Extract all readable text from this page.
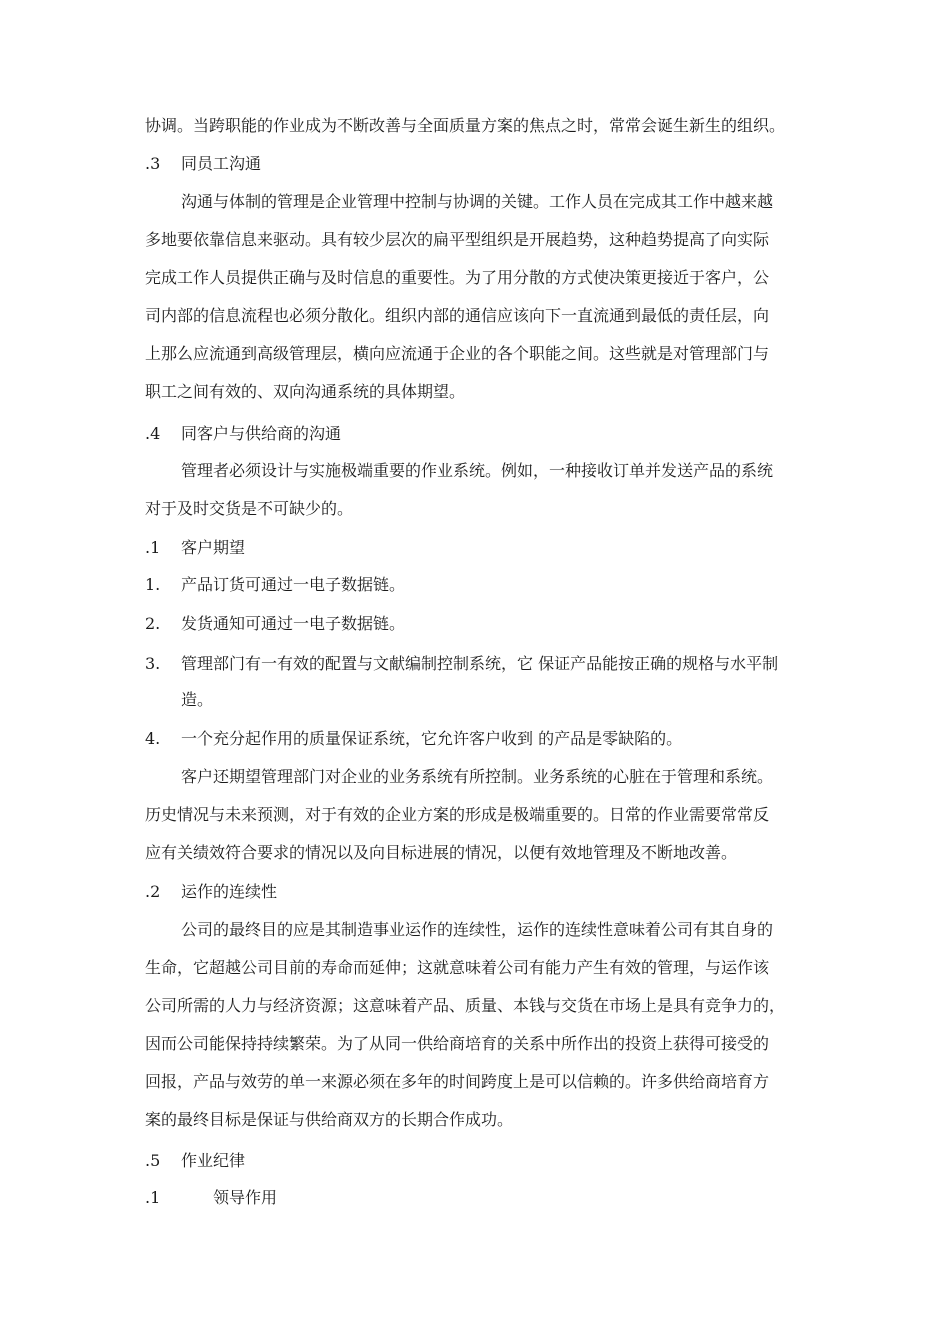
协调。当跨职能的作业成为不断改善与全面质量方案的焦点之时，常常会诞生新生的组织。
.3 同员工沟通
沟通与体制的管理是企业管理中控制与协调的关键。工作人员在完成其工作中越来越
多地要依靠信息来驱动。具有较少层次的扁平型组织是开展趋势，这种趋势提高了向实际
完成工作人员提供正确与及时信息的重要性。为了用分散的方式使决策更接近于客户，公
司内部的信息流程也必须分散化。组织内部的通信应该向下一直流通到最低的责任层，向
上那么应流通到高级管理层，横向应流通于企业的各个职能之间。这些就是对管理部门与
职工之间有效的、双向沟通系统的具体期望。
.4 同客户与供给商的沟通
管理者必须设计与实施极端重要的作业系统。例如，一种接收订单并发送产品的系统
对于及时交货是不可缺少的。
.1 客户期望
1. 产品订货可通过一电子数据链。
2. 发货通知可通过一电子数据链。
3. 管理部门有一有效的配置与文献编制控制系统，它 保证产品能按正确的规格与水平制
造。
4. 一个充分起作用的质量保证系统，它允许客户收到 的产品是零缺陷的。
客户还期望管理部门对企业的业务系统有所控制。业务系统的心脏在于管理和系统。
历史情况与未来预测，对于有效的企业方案的形成是极端重要的。日常的作业需要常常反
应有关绩效符合要求的情况以及向目标进展的情况，以便有效地管理及不断地改善。
.2 运作的连续性
公司的最终目的应是其制造事业运作的连续性，运作的连续性意味着公司有其自身的
生命，它超越公司目前的寿命而延伸；这就意味着公司有能力产生有效的管理，与运作该
公司所需的人力与经济资源；这意味着产品、质量、本钱与交货在市场上是具有竞争力的，
因而公司能保持持续繁荣。为了从同一供给商培育的关系中所作出的投资上获得可接受的
回报，产品与效劳的单一来源必须在多年的时间跨度上是可以信赖的。许多供给商培育方
案的最终目标是保证与供给商双方的长期合作成功。
.5 作业纪律
.1	领导作用
